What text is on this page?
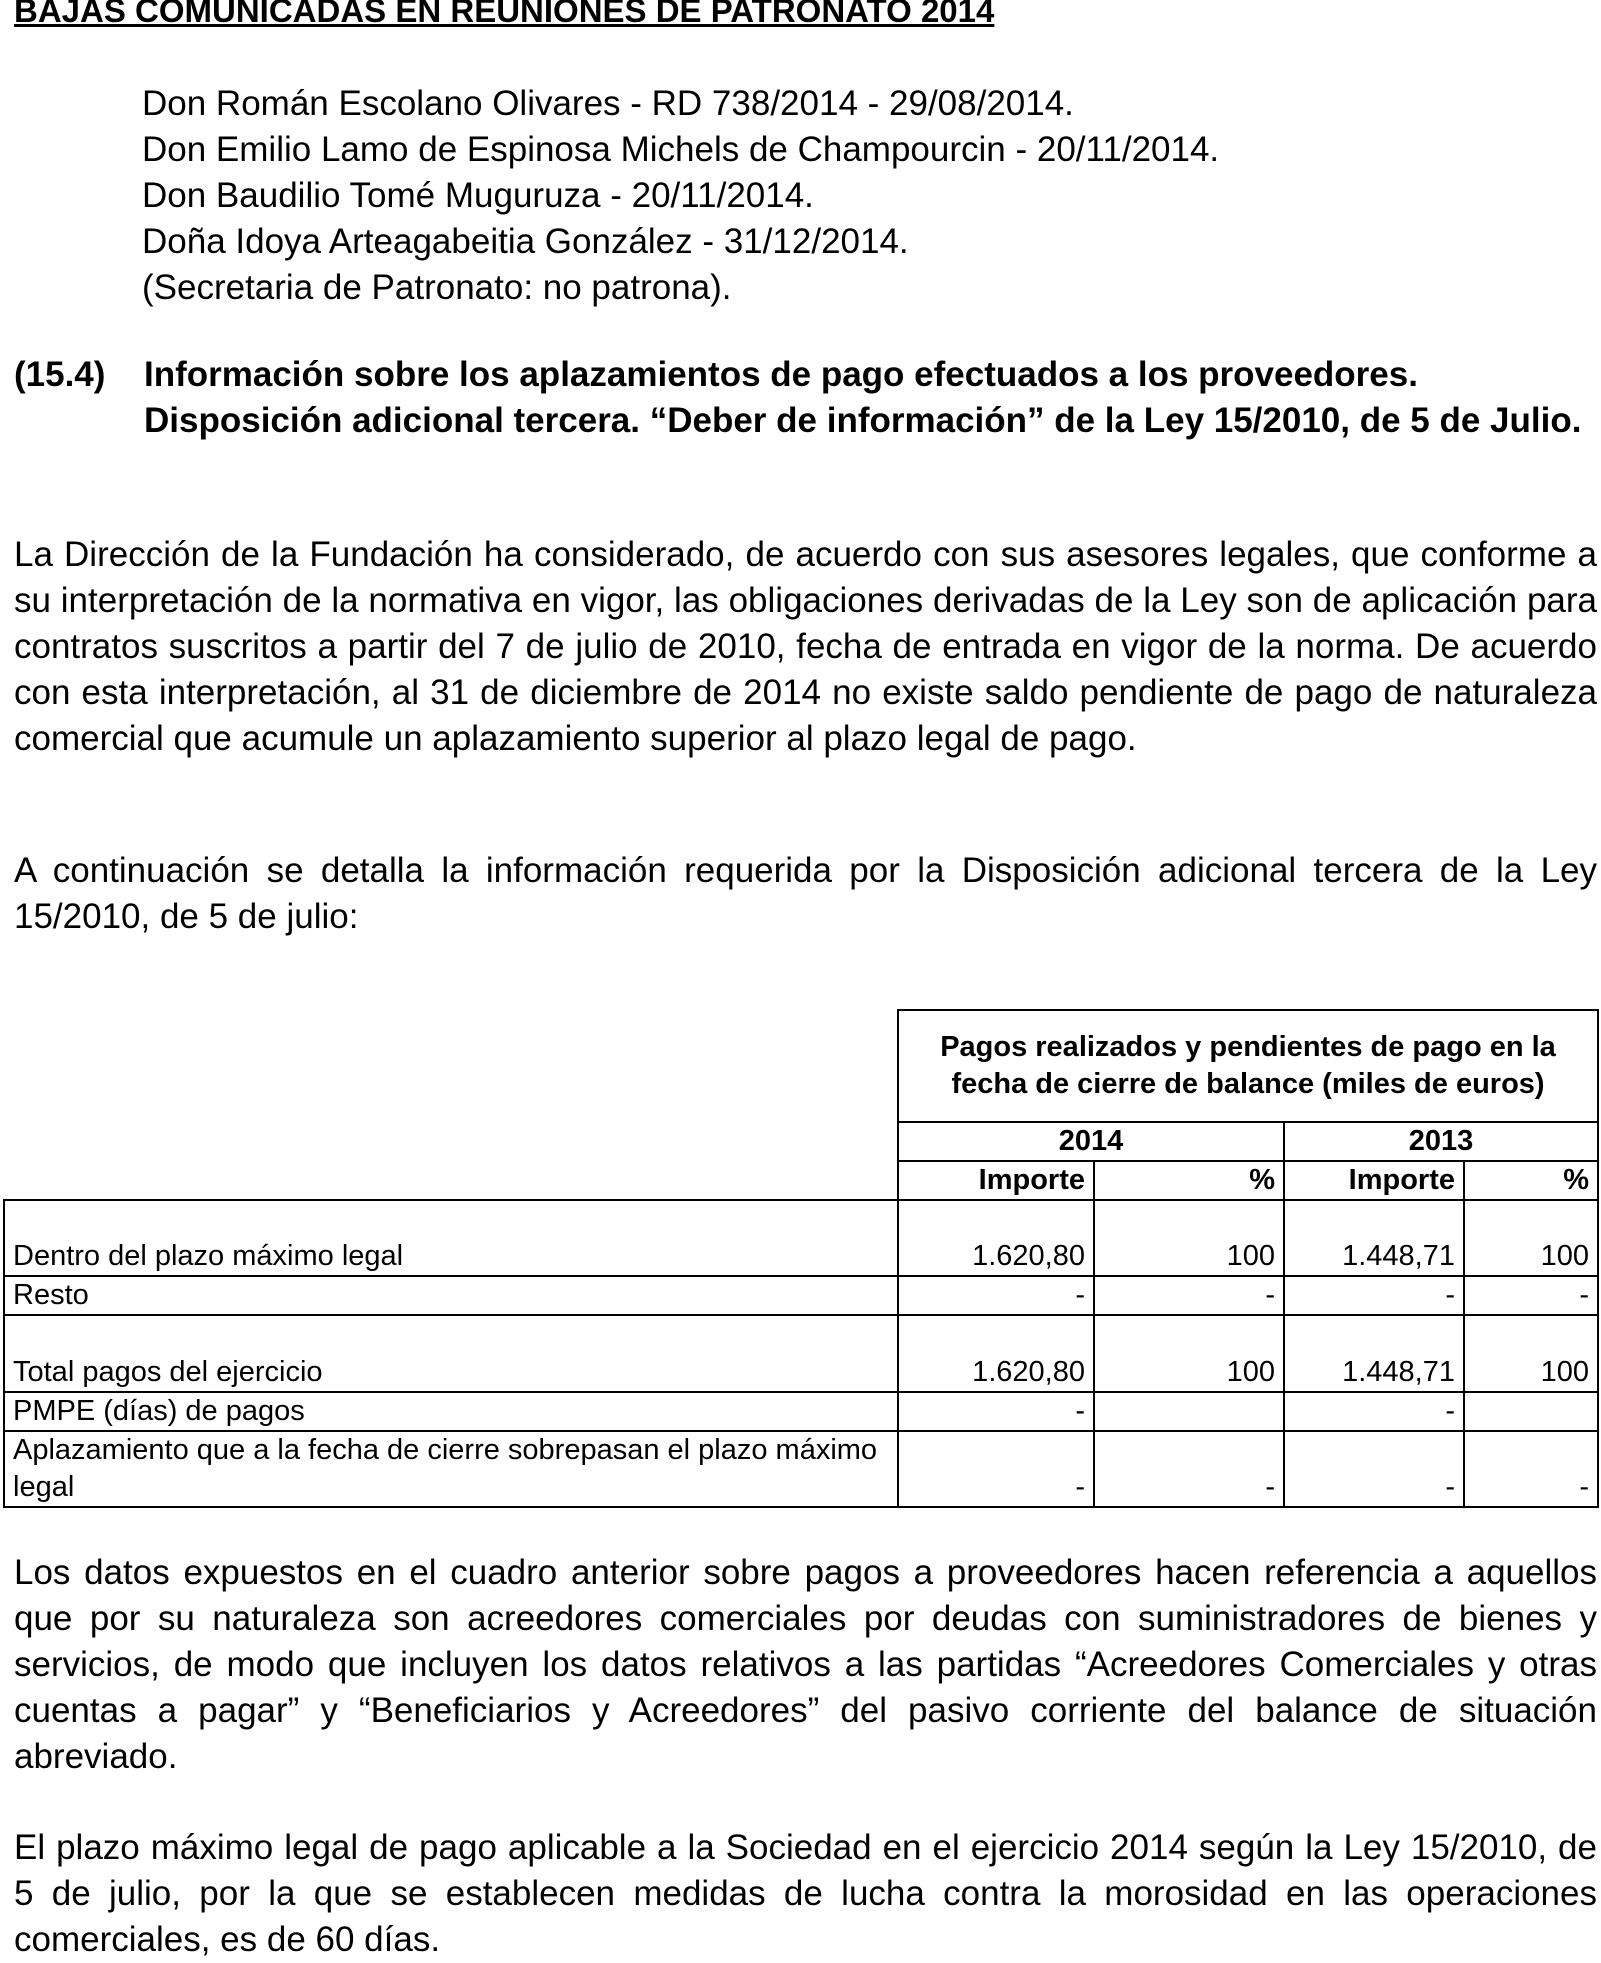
BAJAS COMUNICADAS EN REUNIONES DE PATRONATO 2014
Don Román Escolano Olivares - RD 738/2014 - 29/08/2014.
Don Emilio Lamo de Espinosa Michels de Champourcin - 20/11/2014.
Don Baudilio Tomé Muguruza - 20/11/2014.
Doña Idoya Arteagabeitia González - 31/12/2014.
(Secretaria de Patronato: no patrona).
(15.4) Información sobre los aplazamientos de pago efectuados a los proveedores. Disposición adicional tercera. “Deber de información” de la Ley 15/2010, de 5 de Julio.

La Dirección de la Fundación ha considerado, de acuerdo con sus asesores legales, que conforme a su interpretación de la normativa en vigor, las obligaciones derivadas de la Ley son de aplicación para contratos suscritos a partir del 7 de julio de 2010, fecha de entrada en vigor de la norma. De acuerdo con esta interpretación, al 31 de diciembre de 2014 no existe saldo pendiente de pago de naturaleza comercial que acumule un aplazamiento superior al plazo legal de pago.

A continuación se detalla la información requerida por la Disposición adicional tercera de la Ley 15/2010, de 5 de julio:

	Pagos realizados y pendientes de pago en la fecha de cierre de balance (miles de euros)			
	2014		2013	
	Importe	%	Importe	%
Dentro del plazo máximo legal	1.620,80	100	1.448,71	100
Resto	-	-	-	-
Total pagos del ejercicio	1.620,80	100	1.448,71	100
PMPE (días) de pagos	-		-	
Aplazamiento que a la fecha de cierre sobrepasan el plazo máximo legal	-	-	-	-

Los datos expuestos en el cuadro anterior sobre pagos a proveedores hacen referencia a aquellos que por su naturaleza son acreedores comerciales por deudas con suministradores de bienes y servicios, de modo que incluyen los datos relativos a las partidas “Acreedores Comerciales y otras cuentas a pagar” y “Beneficiarios y Acreedores” del pasivo corriente del balance de situación abreviado.

El plazo máximo legal de pago aplicable a la Sociedad en el ejercicio 2014 según la Ley 15/2010, de 5 de julio, por la que se establecen medidas de lucha contra la morosidad en las operaciones comerciales, es de 60 días.
